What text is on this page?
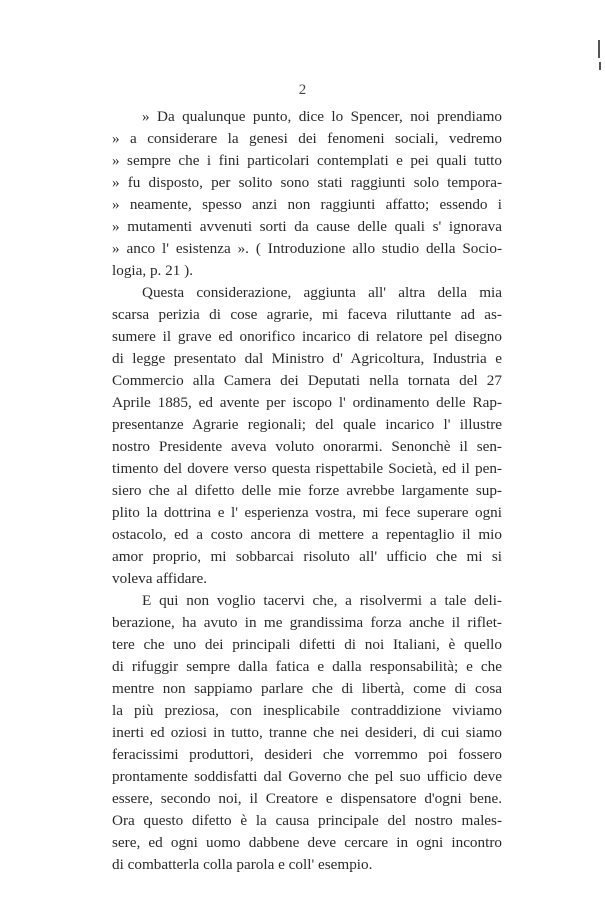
2
» Da qualunque punto, dice lo Spencer, noi prendiamo
» a considerare la genesi dei fenomeni sociali, vedremo
» sempre che i fini particolari contemplati e pei quali tutto
» fu disposto, per solito sono stati raggiunti solo tempora-
» neamente, spesso anzi non raggiunti affatto; essendo i
» mutamenti avvenuti sorti da cause delle quali s' ignorava
» anco l' esistenza ». ( Introduzione allo studio della Socio-
logia, p. 21 ).
Questa considerazione, aggiunta all' altra della mia
scarsa perizia di cose agrarie, mi faceva riluttante ad as-
sumere il grave ed onorifico incarico di relatore pel disegno
di legge presentato dal Ministro d' Agricoltura, Industria e
Commercio alla Camera dei Deputati nella tornata del 27
Aprile 1885, ed avente per iscopo l' ordinamento delle Rap-
presentanze Agrarie regionali; del quale incarico l' illustre
nostro Presidente aveva voluto onorarmi. Senonchè il sen-
timento del dovere verso questa rispettabile Società, ed il pen-
siero che al difetto delle mie forze avrebbe largamente sup-
plito la dottrina e l' esperienza vostra, mi fece superare ogni
ostacolo, ed a costo ancora di mettere a repentaglio il mio
amor proprio, mi sobbarcai risoluto all' ufficio che mi si
voleva affidare.
E qui non voglio tacervi che, a risolvermi a tale deli-
berazione, ha avuto in me grandissima forza anche il riflet-
tere che uno dei principali difetti di noi Italiani, è quello
di rifuggir sempre dalla fatica e dalla responsabilità; e che
mentre non sappiamo parlare che di libertà, come di cosa
la più preziosa, con inesplicabile contraddizione viviamo
inerti ed oziosi in tutto, tranne che nei desideri, di cui siamo
feracissimi produttori, desideri che vorremmo poi fossero
prontamente soddisfatti dal Governo che pel suo ufficio deve
essere, secondo noi, il Creatore e dispensatore d'ogni bene.
Ora questo difetto è la causa principale del nostro males-
sere, ed ogni uomo dabbene deve cercare in ogni incontro
di combatterla colla parola e coll' esempio.
